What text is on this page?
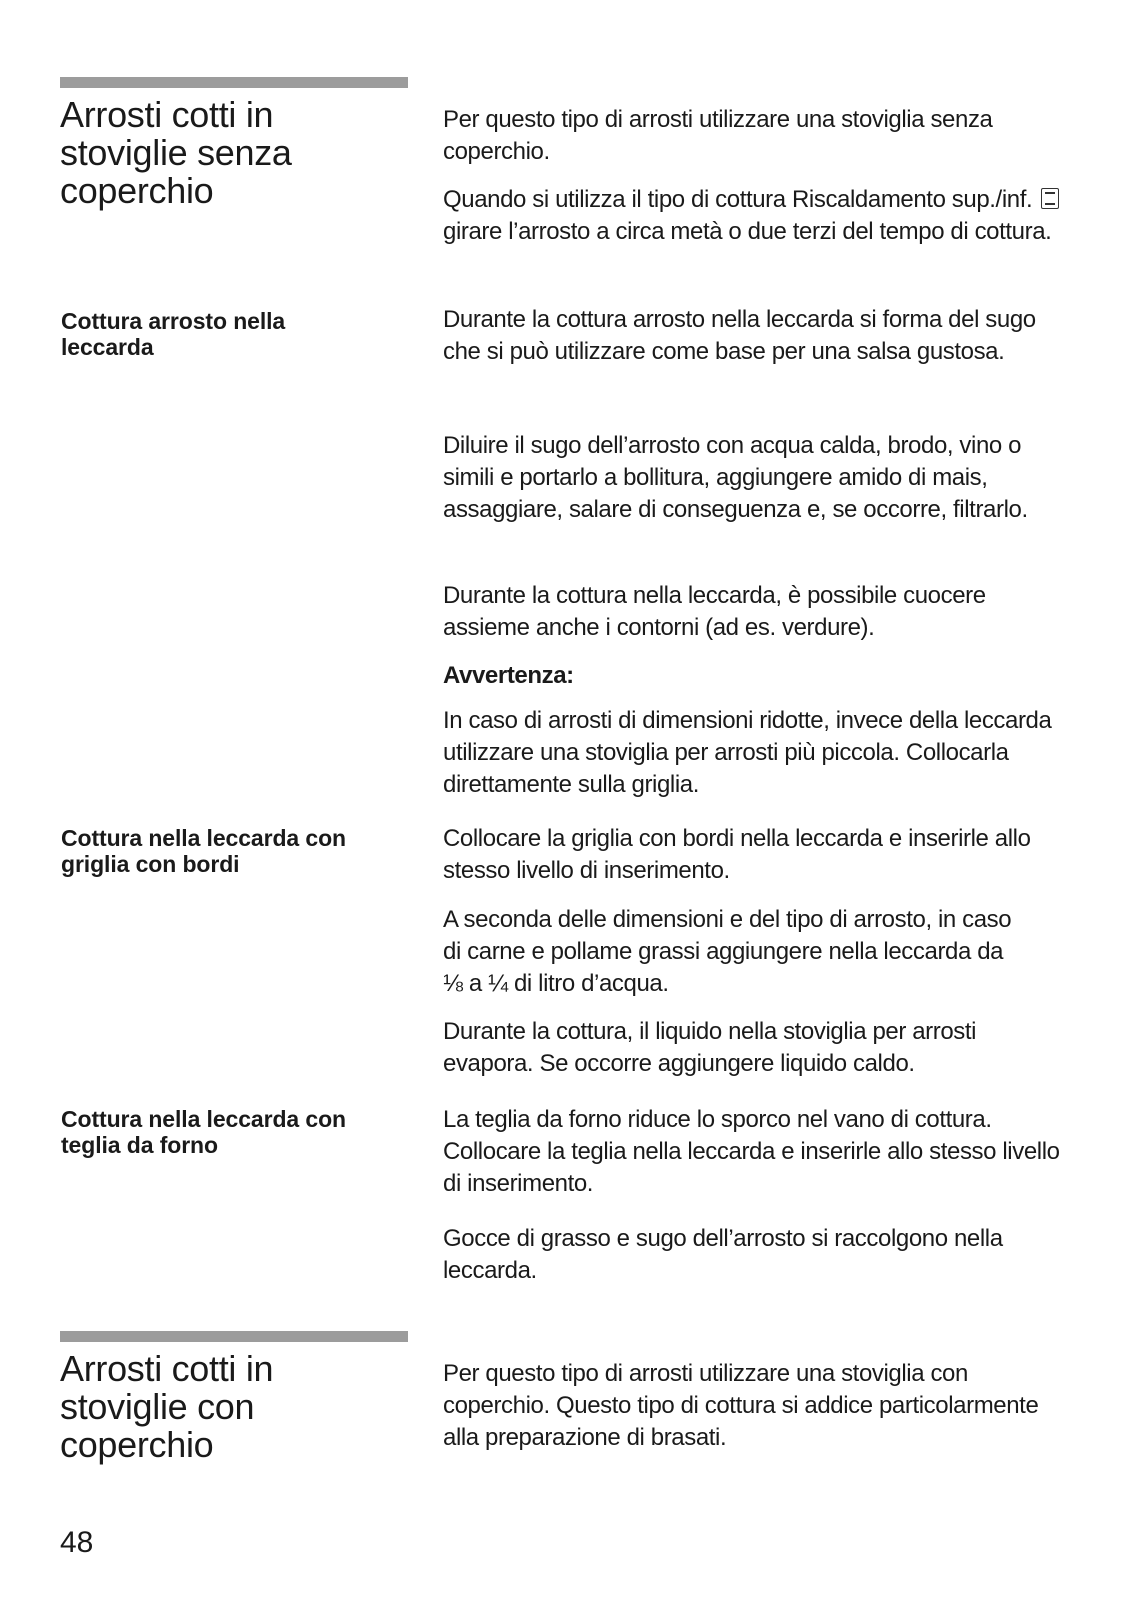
Arrosti cotti in stoviglie senza coperchio

Per questo tipo di arrosti utilizzare una stoviglia senza coperchio.

Quando si utilizza il tipo di cottura Riscaldamento sup./inf. girare l’arrosto a circa metà o due terzi del tempo di cottura.

Cottura arrosto nella leccarda

Durante la cottura arrosto nella leccarda si forma del sugo che si può utilizzare come base per una salsa gustosa.

Diluire il sugo dell’arrosto con acqua calda, brodo, vino o simili e portarlo a bollitura, aggiungere amido di mais, assaggiare, salare di conseguenza e, se occorre, filtrarlo.

Durante la cottura nella leccarda, è possibile cuocere assieme anche i contorni (ad es. verdure).

Avvertenza:

In caso di arrosti di dimensioni ridotte, invece della leccarda utilizzare una stoviglia per arrosti più piccola. Collocarla direttamente sulla griglia.

Cottura nella leccarda con griglia con bordi

Collocare la griglia con bordi nella leccarda e inserirle allo stesso livello di inserimento.

A seconda delle dimensioni e del tipo di arrosto, in caso di carne e pollame grassi aggiungere nella leccarda da ⅛ a ¼ di litro d’acqua.

Durante la cottura, il liquido nella stoviglia per arrosti evapora. Se occorre aggiungere liquido caldo.

Cottura nella leccarda con teglia da forno

La teglia da forno riduce lo sporco nel vano di cottura. Collocare la teglia nella leccarda e inserirle allo stesso livello di inserimento.

Gocce di grasso e sugo dell’arrosto si raccolgono nella leccarda.

Arrosti cotti in stoviglie con coperchio

Per questo tipo di arrosti utilizzare una stoviglia con coperchio. Questo tipo di cottura si addice particolarmente alla preparazione di brasati.

48
